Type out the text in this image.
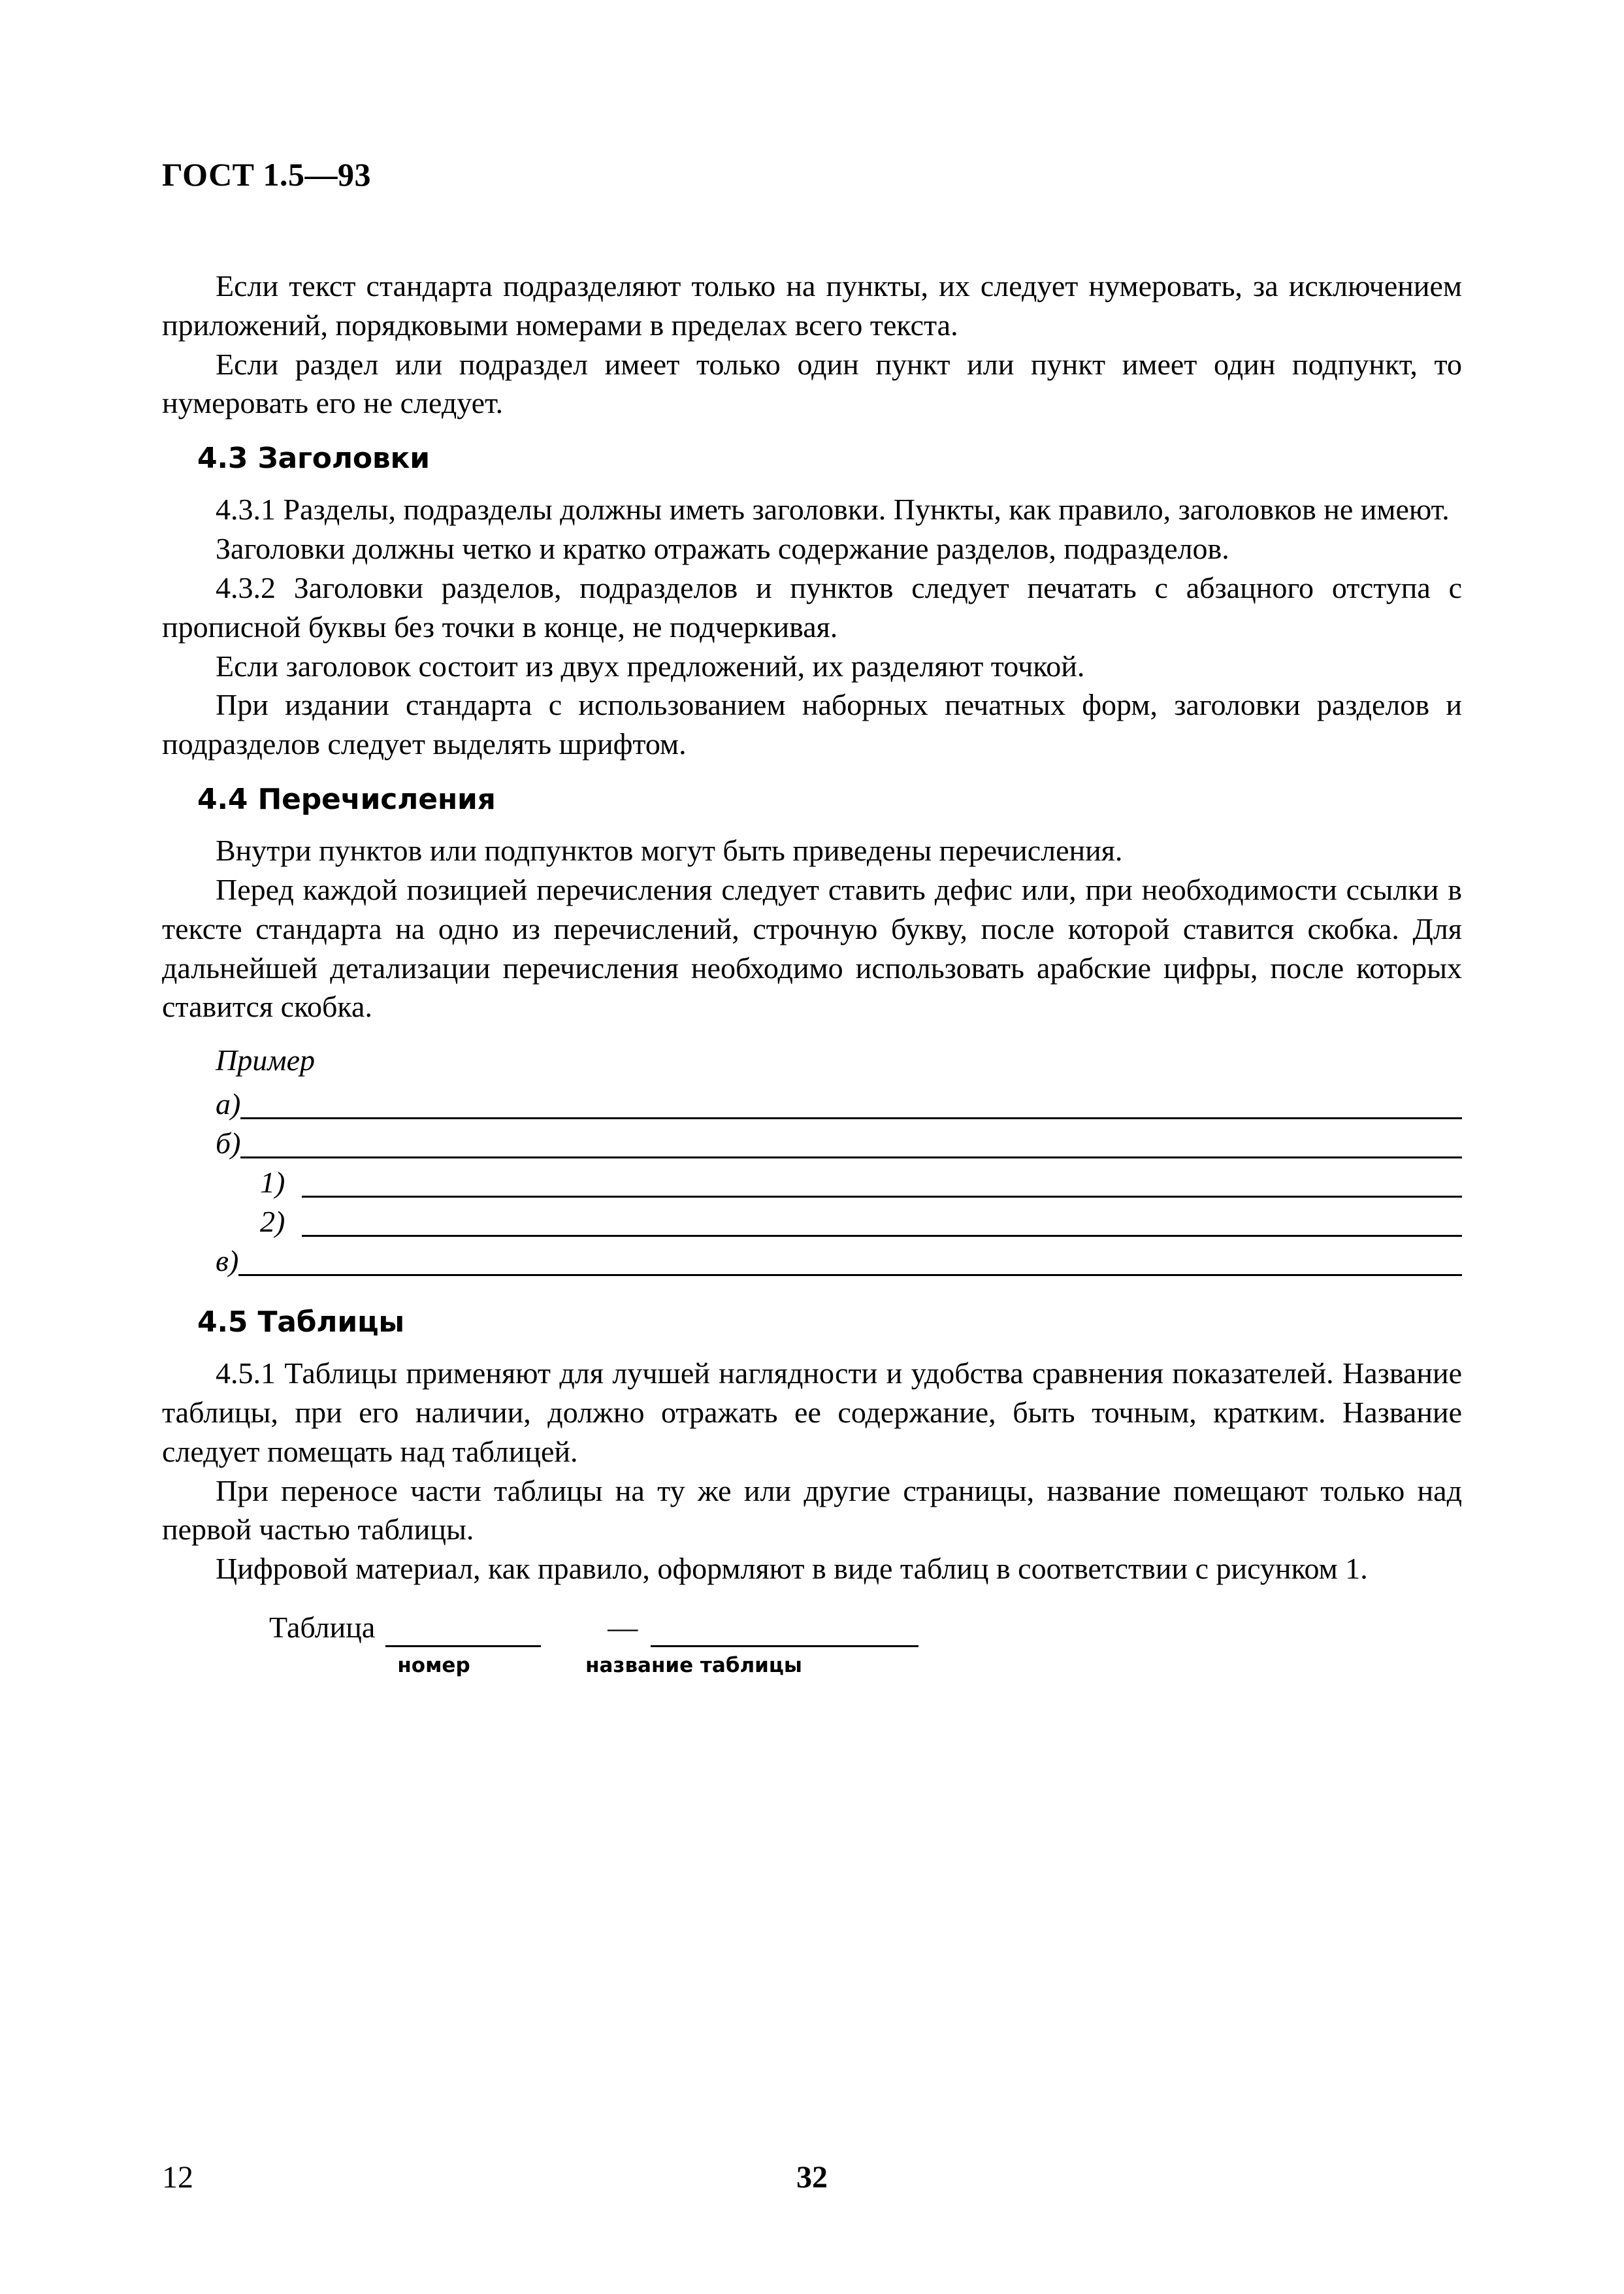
ГОСТ 1.5—93

Если текст стандарта подразделяют только на пункты, их следует нумеровать, за исключением приложений, порядковыми номерами в пределах всего текста.

Если раздел или подраздел имеет только один пункт или пункт имеет один подпункт, то нумеровать его не следует.

4.3 Заголовки

4.3.1 Разделы, подразделы должны иметь заголовки. Пункты, как правило, заголовков не имеют.

Заголовки должны четко и кратко отражать содержание разделов, подразделов.

4.3.2 Заголовки разделов, подразделов и пунктов следует печатать с абзацного отступа с прописной буквы без точки в конце, не подчеркивая.

Если заголовок состоит из двух предложений, их разделяют точкой.

При издании стандарта с использованием наборных печатных форм, заголовки разделов и подразделов следует выделять шрифтом.

4.4 Перечисления

Внутри пунктов или подпунктов могут быть приведены перечисления.

Перед каждой позицией перечисления следует ставить дефис или, при необходимости ссылки в тексте стандарта на одно из перечислений, строчную букву, после которой ставится скобка. Для дальнейшей детализации перечисления необходимо использовать арабские цифры, после которых ставится скобка.

Пример
а)
б)
1)
2)
в)
4.5 Таблицы

4.5.1 Таблицы применяют для лучшей наглядности и удобства сравнения показателей. Название таблицы, при его наличии, должно отражать ее содержание, быть точным, кратким. Название следует помещать над таблицей.

При переносе части таблицы на ту же или другие страницы, название помещают только над первой частью таблицы.

Цифровой материал, как правило, оформляют в виде таблиц в соответствии с рисунком 1.

Таблица	—
номер	название таблицы
12	32
